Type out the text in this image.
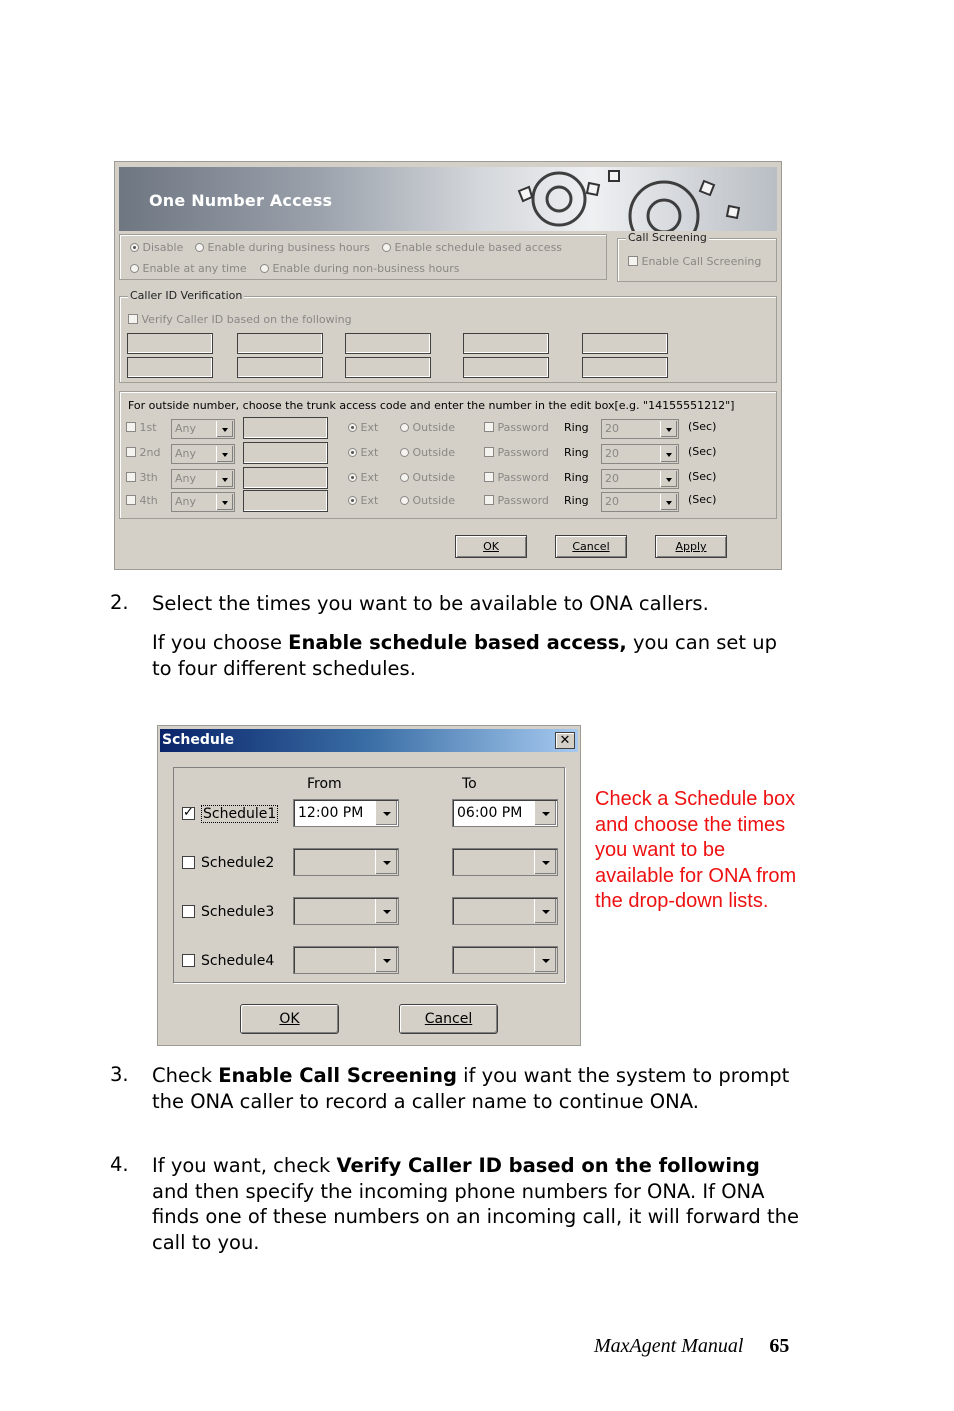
One Number Access
Disable	Enable during business hours	Enable schedule based access
Enable at any time	Enable during non-business hours
Call Screening
Enable Call Screening
Caller ID Verification
Verify Caller ID based on the following
For outside number, choose the trunk access code and enter the number in the edit box[e.g. "14155551212"]
1st	Any	Ext	Outside	Password Ring	20	(Sec)
2nd	Any	Ext	Outside	Password Ring	20	(Sec)
3th	Any	Ext	Outside	Password Ring	20	(Sec)
4th	Any	Ext	Outside	Password Ring	20	(Sec)
OK	Cancel	Apply
2. Select the times you want to be available to ONA callers.
If you choose Enable schedule based access, you can set up to four different schedules.
Schedule	✕
From	To
✓Schedule1	12:00 PM	06:00 PM
Schedule2
Schedule3
Schedule4
OK	Cancel
Check a Schedule box and choose the times you want to be available for ONA from the drop-down lists.
3. Check Enable Call Screening if you want the system to prompt the ONA caller to record a caller name to continue ONA.
4. If you want, check Verify Caller ID based on the following and then specify the incoming phone numbers for ONA. If ONA finds one of these numbers on an incoming call, it will forward the call to you.
MaxAgent Manual 65
